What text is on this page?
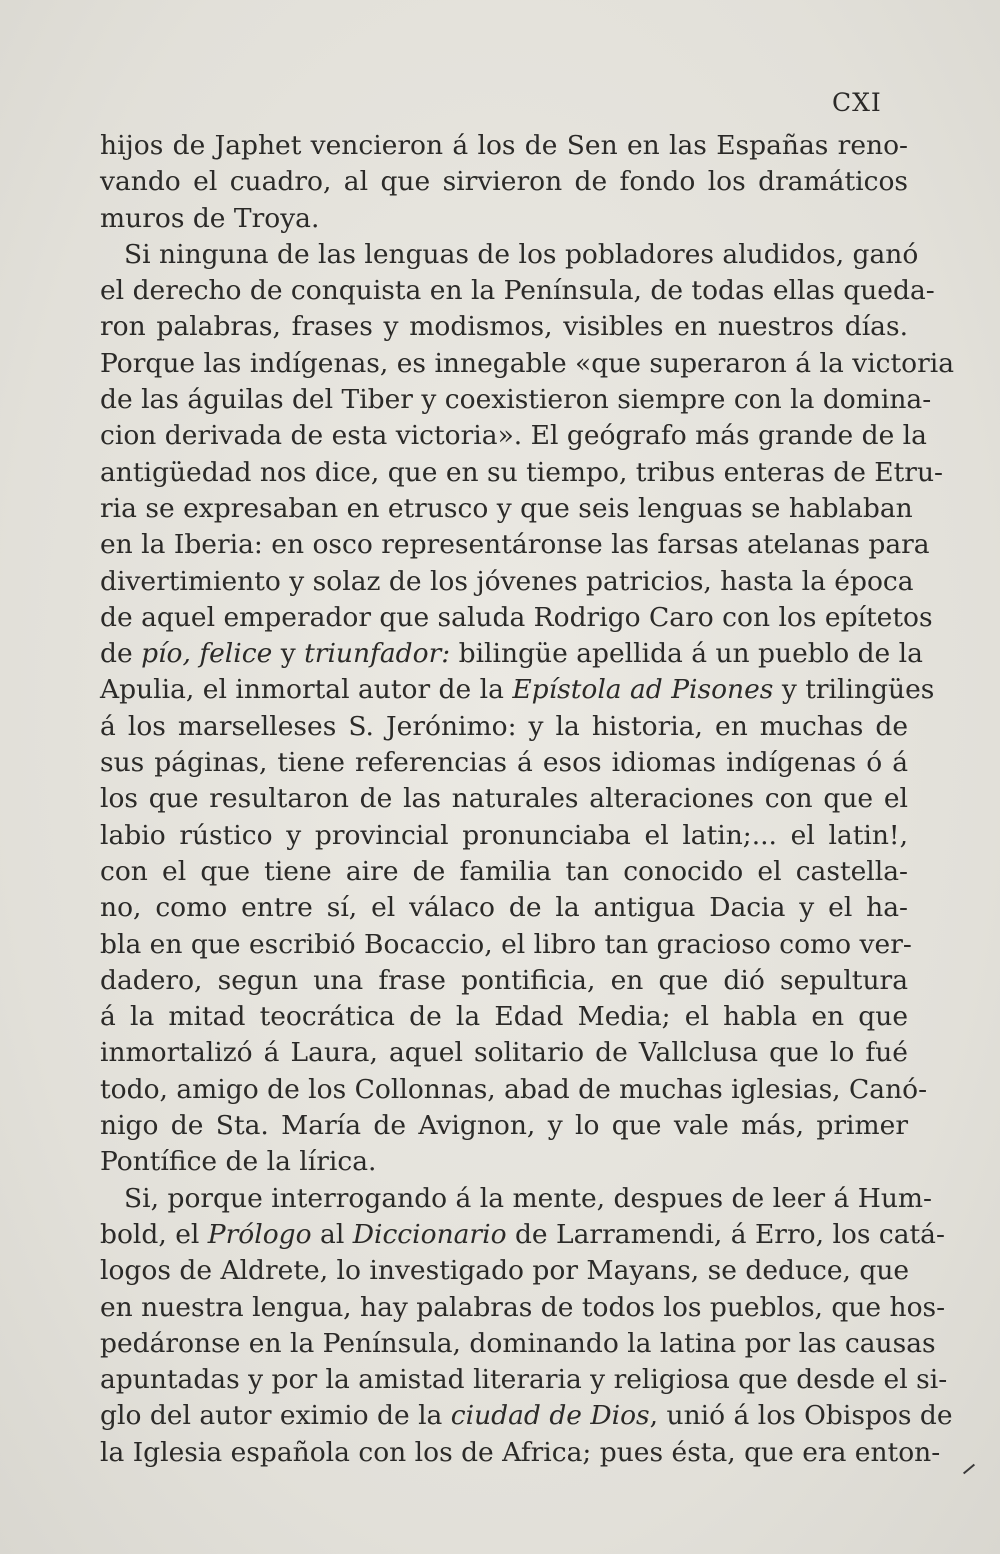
CXI
hijos de Japhet vencieron á los de Sen en las Españas reno-
vando el cuadro, al que sirvieron de fondo los dramáticos
muros de Troya.
Si ninguna de las lenguas de los pobladores aludidos, ganó
el derecho de conquista en la Península, de todas ellas queda-
ron palabras, frases y modismos, visibles en nuestros días.
Porque las indígenas, es innegable «que superaron á la victoria
de las águilas del Tiber y coexistieron siempre con la domina-
cion derivada de esta victoria». El geógrafo más grande de la
antigüedad nos dice, que en su tiempo, tribus enteras de Etru-
ria se expresaban en etrusco y que seis lenguas se hablaban
en la Iberia: en osco representáronse las farsas atelanas para
divertimiento y solaz de los jóvenes patricios, hasta la época
de aquel emperador que saluda Rodrigo Caro con los epítetos
de pío, felice y triunfador: bilingüe apellida á un pueblo de la
Apulia, el inmortal autor de la Epístola ad Pisones y trilingües
á los marselleses S. Jerónimo: y la historia, en muchas de
sus páginas, tiene referencias á esos idiomas indígenas ó á
los que resultaron de las naturales alteraciones con que el
labio rústico y provincial pronunciaba el latin;... el latin!,
con el que tiene aire de familia tan conocido el castella-
no, como entre sí, el válaco de la antigua Dacia y el ha-
bla en que escribió Bocaccio, el libro tan gracioso como ver-
dadero, segun una frase pontificia, en que dió sepultura
á la mitad teocrática de la Edad Media; el habla en que
inmortalizó á Laura, aquel solitario de Vallclusa que lo fué
todo, amigo de los Collonnas, abad de muchas iglesias, Canó-
nigo de Sta. María de Avignon, y lo que vale más, primer
Pontífice de la lírica.
Si, porque interrogando á la mente, despues de leer á Hum-
bold, el Prólogo al Diccionario de Larramendi, á Erro, los catá-
logos de Aldrete, lo investigado por Mayans, se deduce, que
en nuestra lengua, hay palabras de todos los pueblos, que hos-
pedáronse en la Península, dominando la latina por las causas
apuntadas y por la amistad literaria y religiosa que desde el si-
glo del autor eximio de la ciudad de Dios, unió á los Obispos de
la Iglesia española con los de Africa; pues ésta, que era enton-
